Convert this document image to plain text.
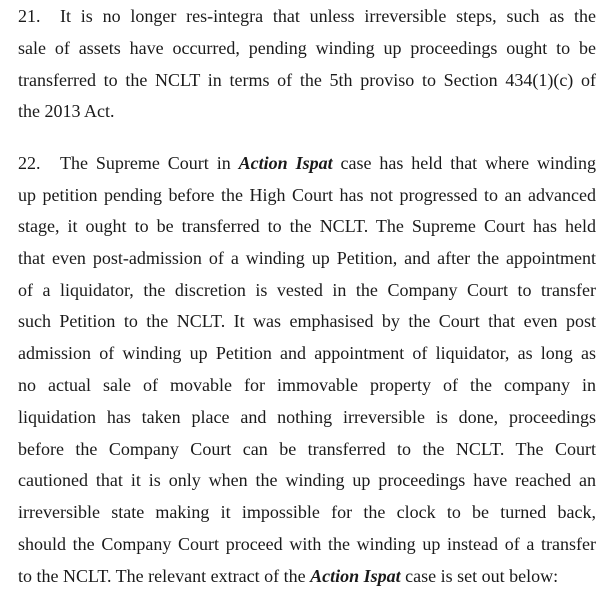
21. It is no longer res-integra that unless irreversible steps, such as the
sale of assets have occurred, pending winding up proceedings ought to be
transferred to the NCLT in terms of the 5th proviso to Section 434(1)(c) of
the 2013 Act.
22. The Supreme Court in Action Ispat case has held that where winding
up petition pending before the High Court has not progressed to an advanced
stage, it ought to be transferred to the NCLT. The Supreme Court has held
that even post-admission of a winding up Petition, and after the appointment
of a liquidator, the discretion is vested in the Company Court to transfer
such Petition to the NCLT. It was emphasised by the Court that even post
admission of winding up Petition and appointment of liquidator, as long as
no actual sale of movable for immovable property of the company in
liquidation has taken place and nothing irreversible is done, proceedings
before the Company Court can be transferred to the NCLT. The Court
cautioned that it is only when the winding up proceedings have reached an
irreversible state making it impossible for the clock to be turned back,
should the Company Court proceed with the winding up instead of a transfer
to the NCLT. The relevant extract of the Action Ispat case is set out below:
